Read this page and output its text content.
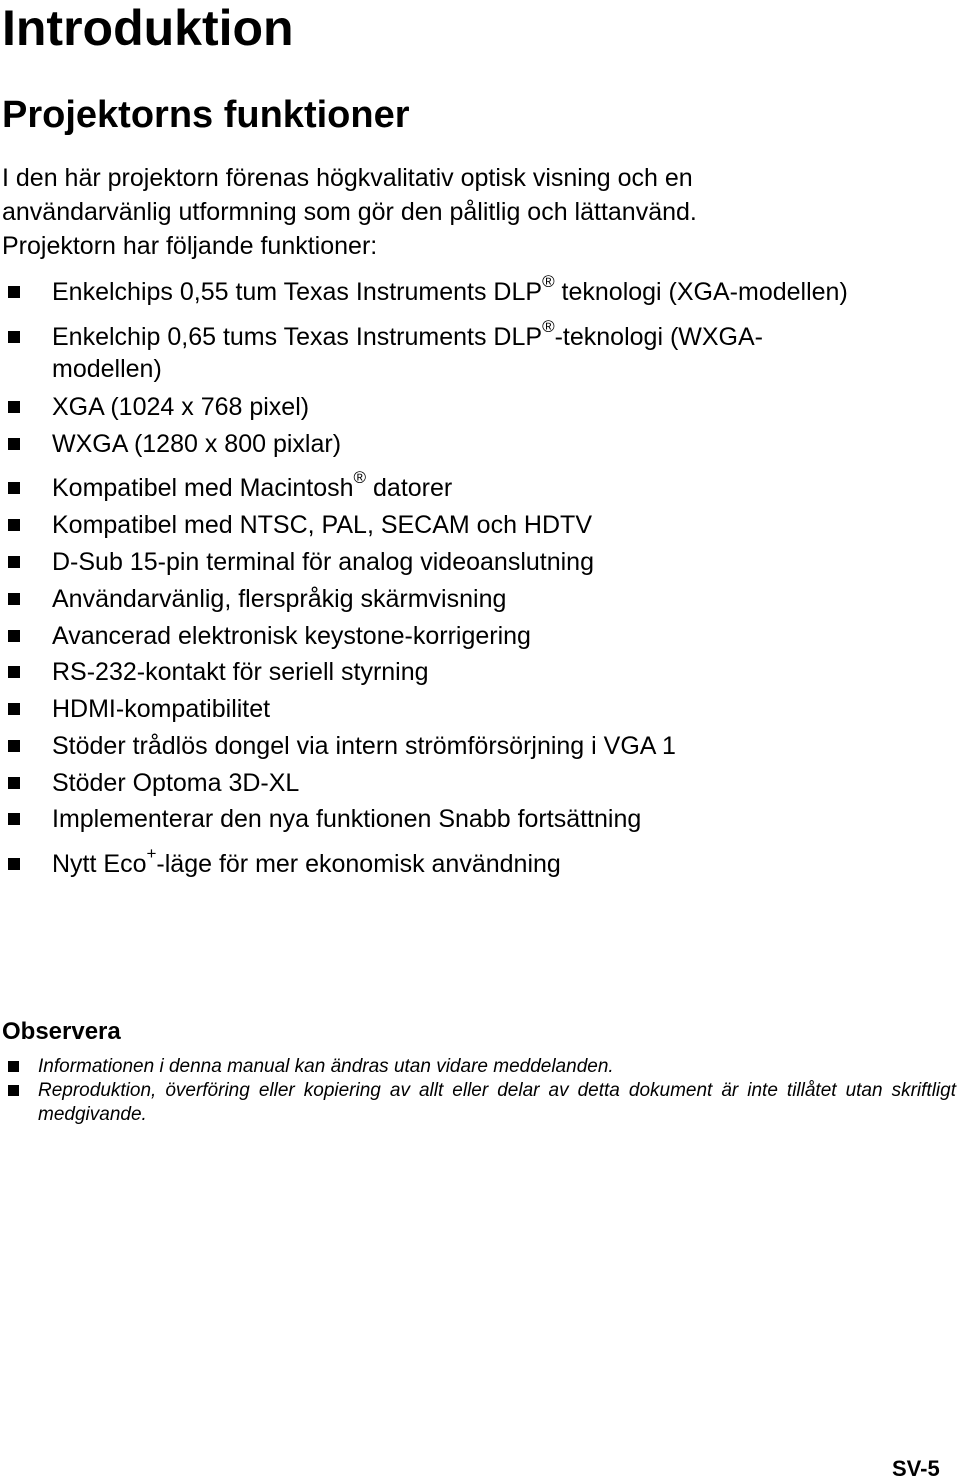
Introduktion
Projektorns funktioner
I den här projektorn förenas högkvalitativ optisk visning och en
användarvänlig utformning som gör den pålitlig och lättanvänd.
Projektorn har följande funktioner:
Enkelchips 0,55 tum Texas Instruments DLP® teknologi (XGA-modellen)
Enkelchip 0,65 tums Texas Instruments DLP®-teknologi (WXGA-
modellen)
XGA (1024 x 768 pixel)
WXGA (1280 x 800 pixlar)
Kompatibel med Macintosh® datorer
Kompatibel med NTSC, PAL, SECAM och HDTV
D-Sub 15-pin terminal för analog videoanslutning
Användarvänlig, flerspråkig skärmvisning
Avancerad elektronisk keystone-korrigering
RS-232-kontakt för seriell styrning
HDMI-kompatibilitet
Stöder trådlös dongel via intern strömförsörjning i VGA 1
Stöder Optoma 3D-XL
Implementerar den nya funktionen Snabb fortsättning
Nytt Eco+-läge för mer ekonomisk användning
Observera
Informationen i denna manual kan ändras utan vidare meddelanden.
Reproduktion, överföring eller kopiering av allt eller delar av detta dokument är inte tillåtet utan skriftligt medgivande.
SV-5
